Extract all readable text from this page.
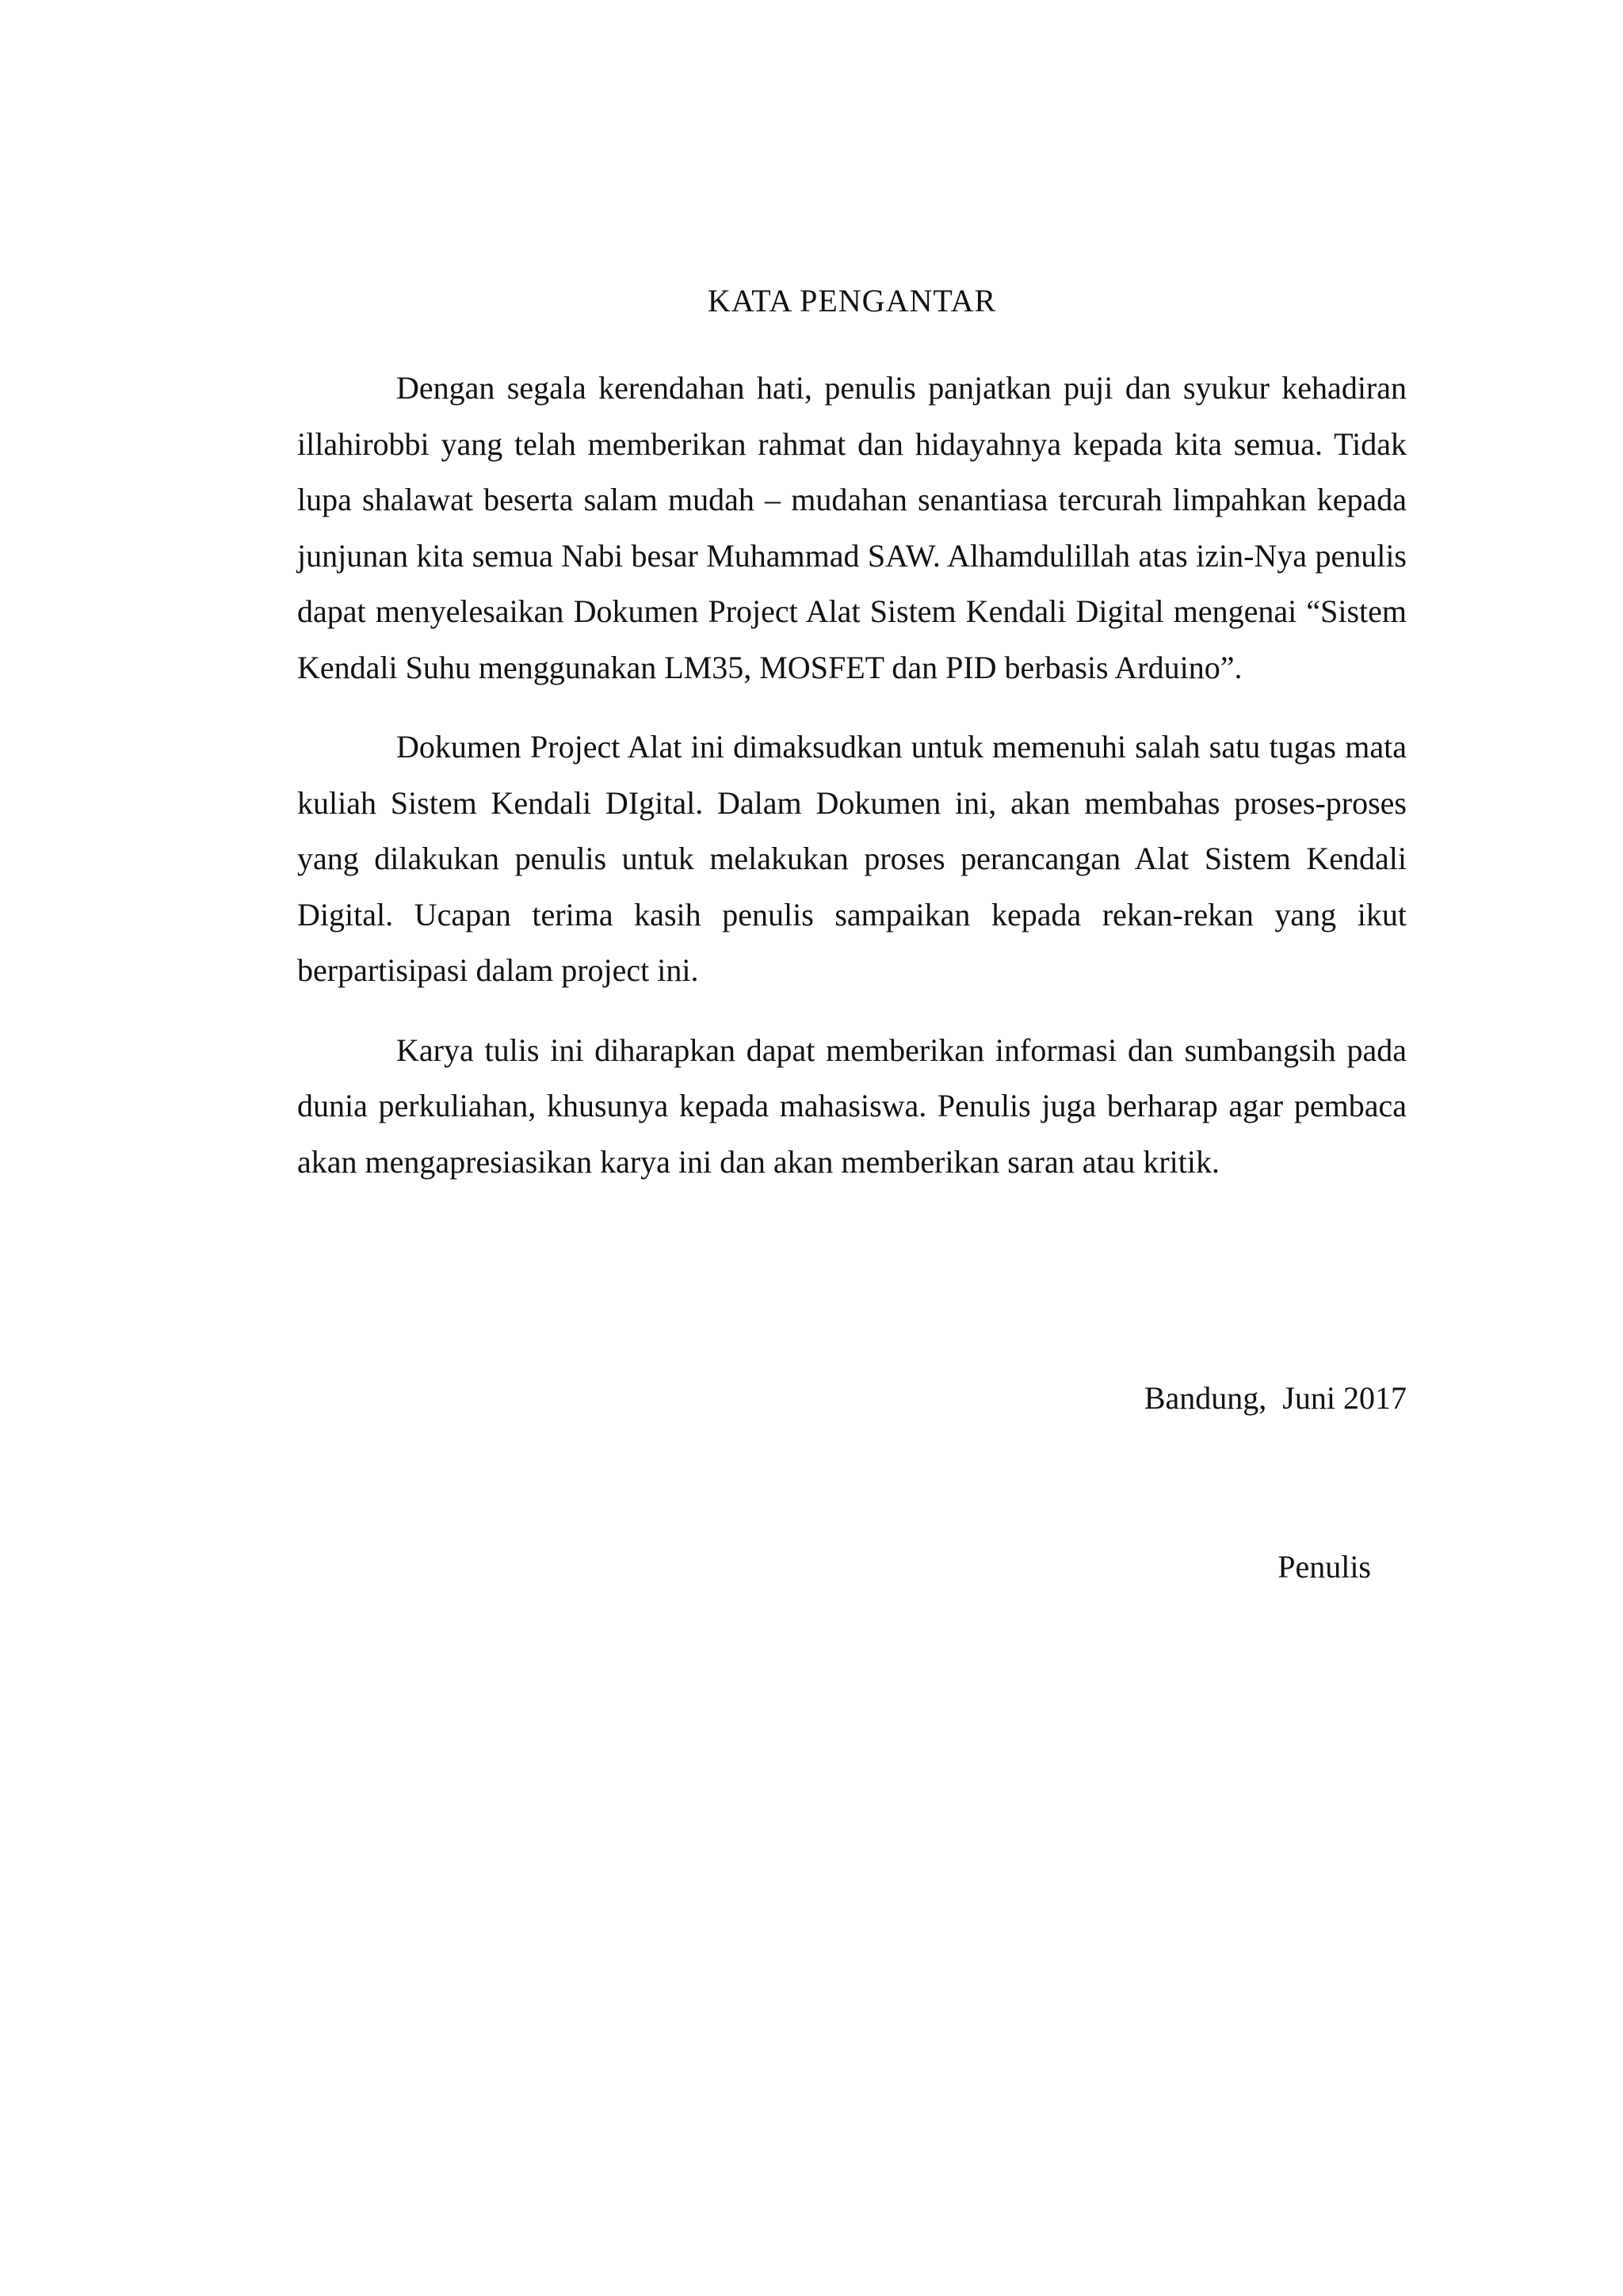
KATA PENGANTAR

Dengan segala kerendahan hati, penulis panjatkan puji dan syukur kehadiran illahirobbi yang telah memberikan rahmat dan hidayahnya kepada kita semua. Tidak lupa shalawat beserta salam mudah – mudahan senantiasa tercurah limpahkan kepada junjunan kita semua Nabi besar Muhammad SAW. Alhamdulillah atas izin-Nya penulis dapat menyelesaikan Dokumen Project Alat Sistem Kendali Digital mengenai “Sistem Kendali Suhu menggunakan LM35, MOSFET dan PID berbasis Arduino”.

Dokumen Project Alat ini dimaksudkan untuk memenuhi salah satu tugas mata kuliah Sistem Kendali DIgital. Dalam Dokumen ini, akan membahas proses-proses yang dilakukan penulis untuk melakukan proses perancangan Alat Sistem Kendali Digital. Ucapan terima kasih penulis sampaikan kepada rekan-rekan yang ikut berpartisipasi dalam project ini.

Karya tulis ini diharapkan dapat memberikan informasi dan sumbangsih pada dunia perkuliahan, khusunya kepada mahasiswa. Penulis juga berharap agar pembaca akan mengapresiasikan karya ini dan akan memberikan saran atau kritik.

Bandung,  Juni 2017
Penulis
